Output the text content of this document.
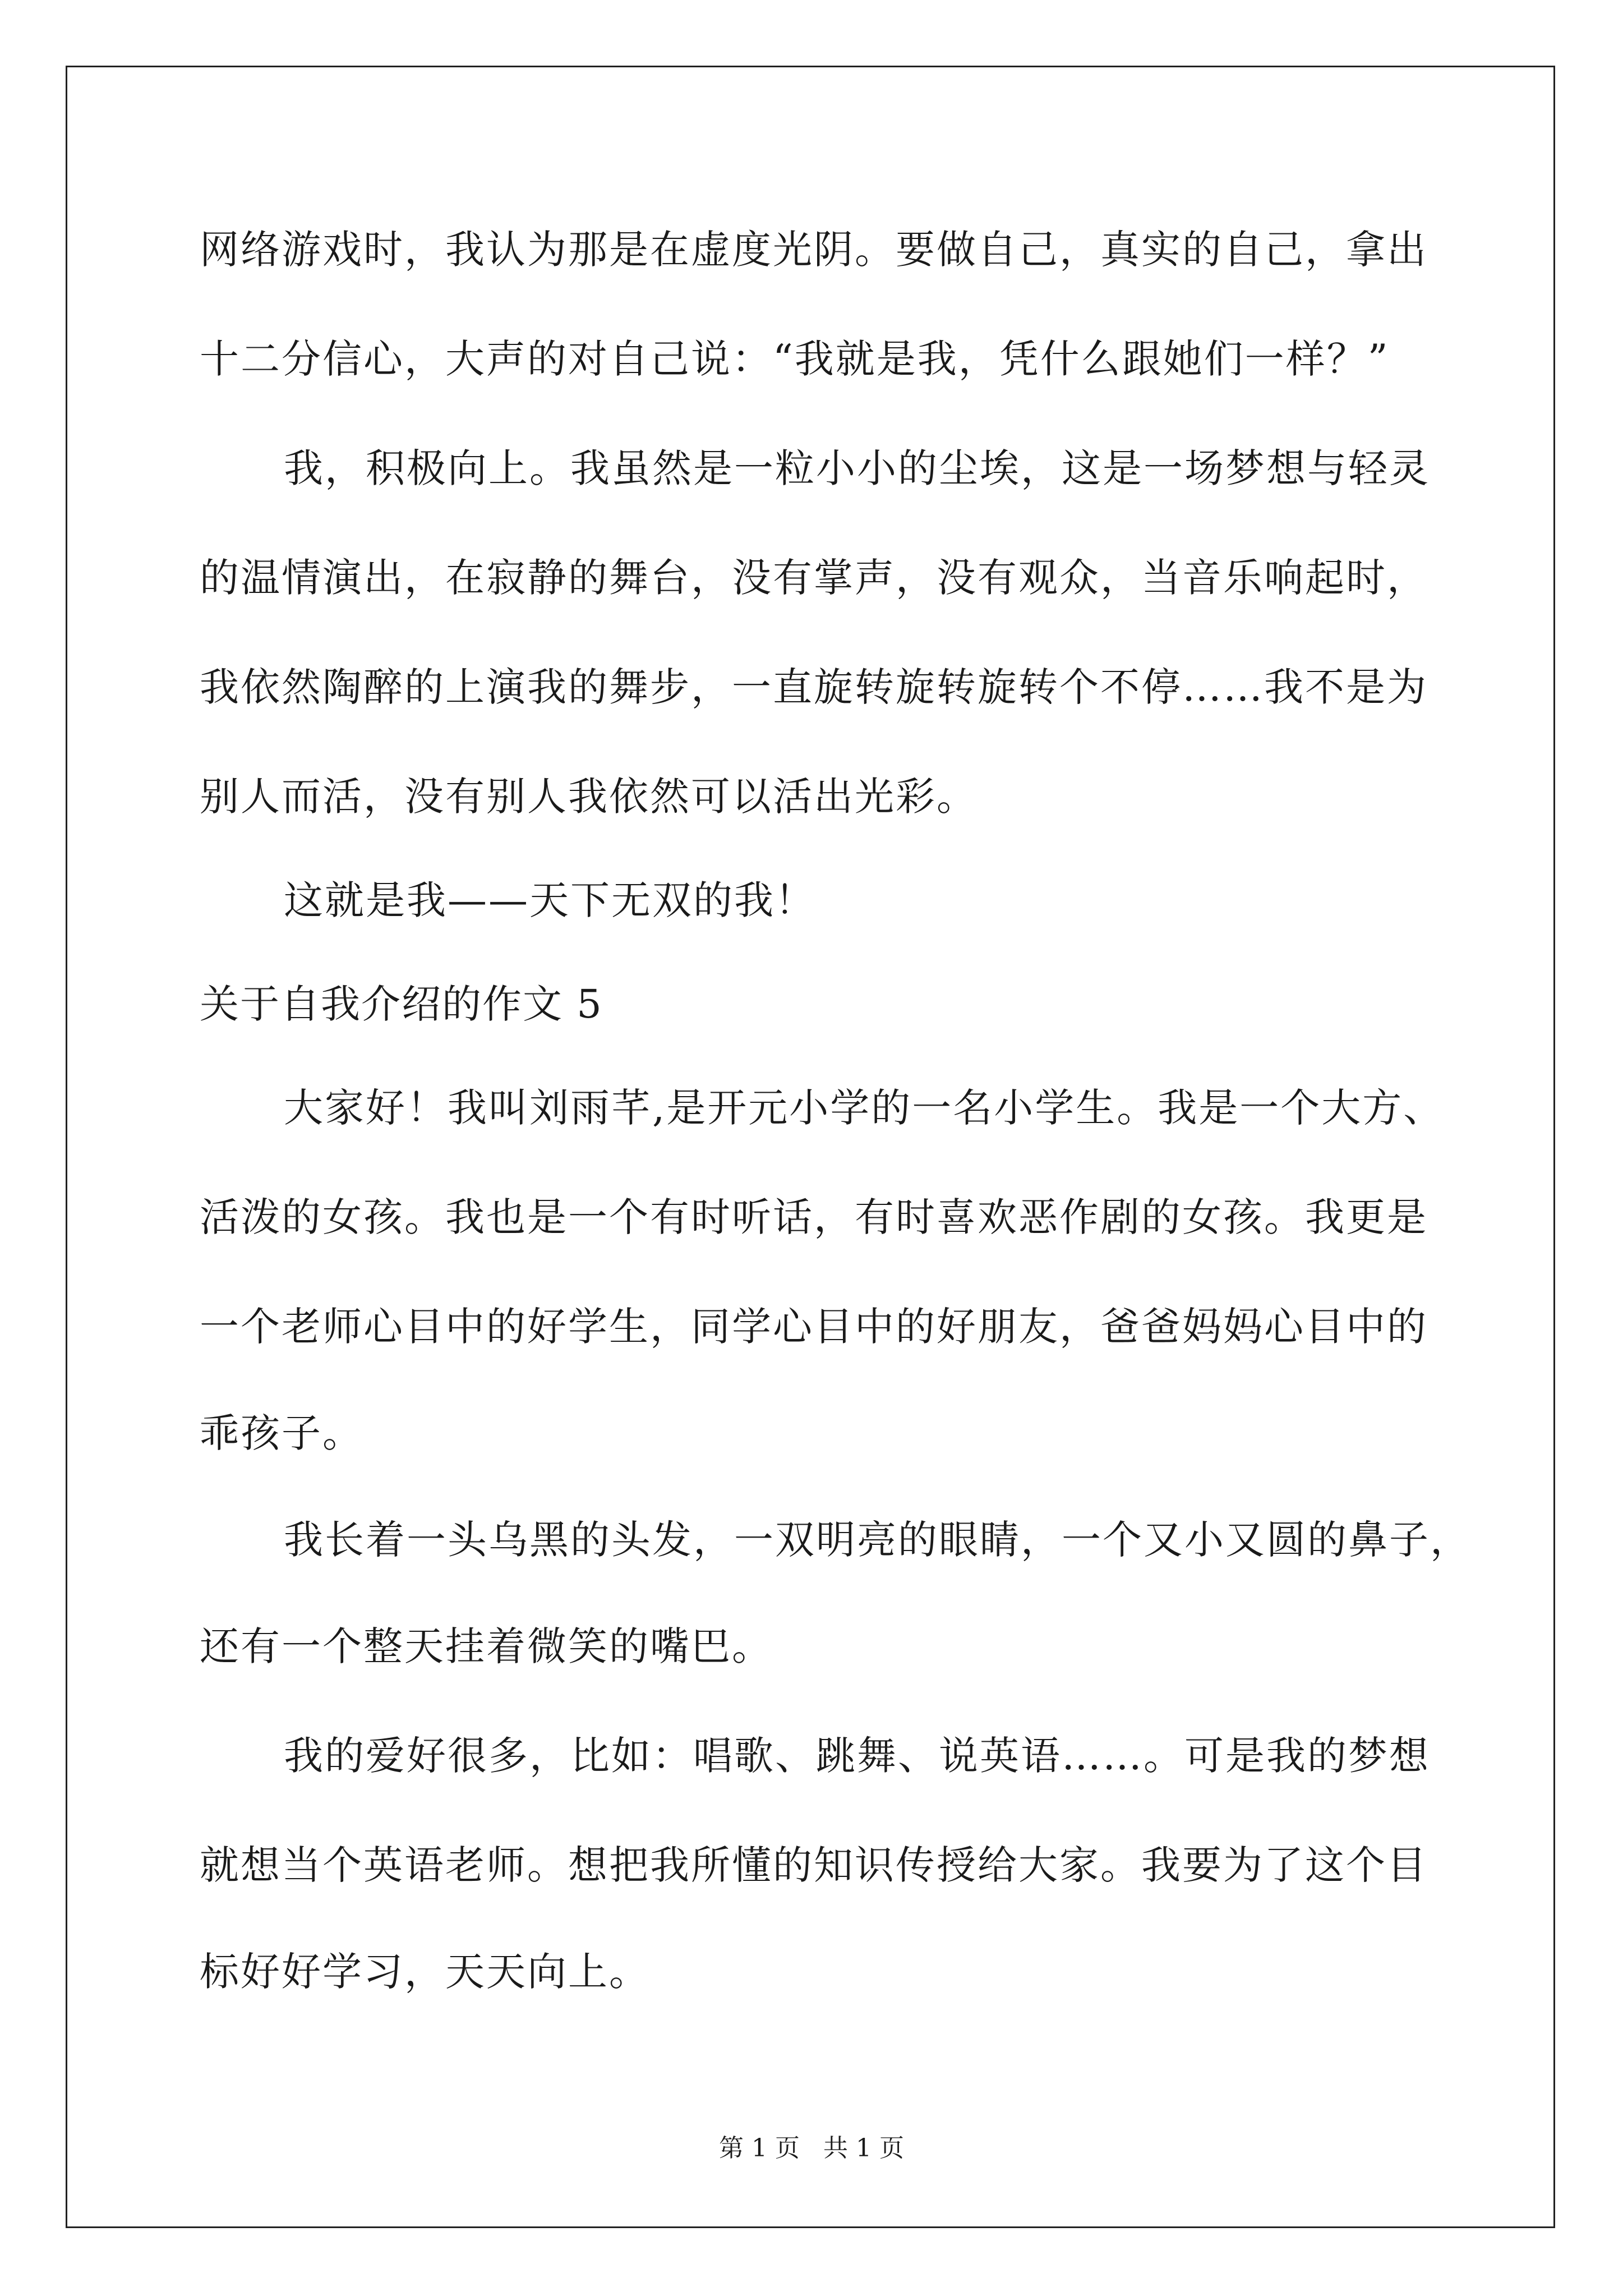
网络游戏时，我认为那是在虚度光阴。要做自己，真实的自己，拿出
十二分信心，大声的对自己说：“我就是我，凭什么跟她们一样？”
我，积极向上。我虽然是一粒小小的尘埃，这是一场梦想与轻灵
的温情演出，在寂静的舞台，没有掌声，没有观众，当音乐响起时，
我依然陶醉的上演我的舞步，一直旋转旋转旋转个不停……我不是为
别人而活，没有别人我依然可以活出光彩。
这就是我——天下无双的我！
关于自我介绍的作文 5
大家好！我叫刘雨芊,是开元小学的一名小学生。我是一个大方、
活泼的女孩。我也是一个有时听话，有时喜欢恶作剧的女孩。我更是
一个老师心目中的好学生，同学心目中的好朋友，爸爸妈妈心目中的
乖孩子。
我长着一头乌黑的头发，一双明亮的眼睛，一个又小又圆的鼻子，
还有一个整天挂着微笑的嘴巴。
我的爱好很多，比如：唱歌、跳舞、说英语……。可是我的梦想
就想当个英语老师。想把我所懂的知识传授给大家。我要为了这个目
标好好学习，天天向上。
第 1 页   共 1 页
